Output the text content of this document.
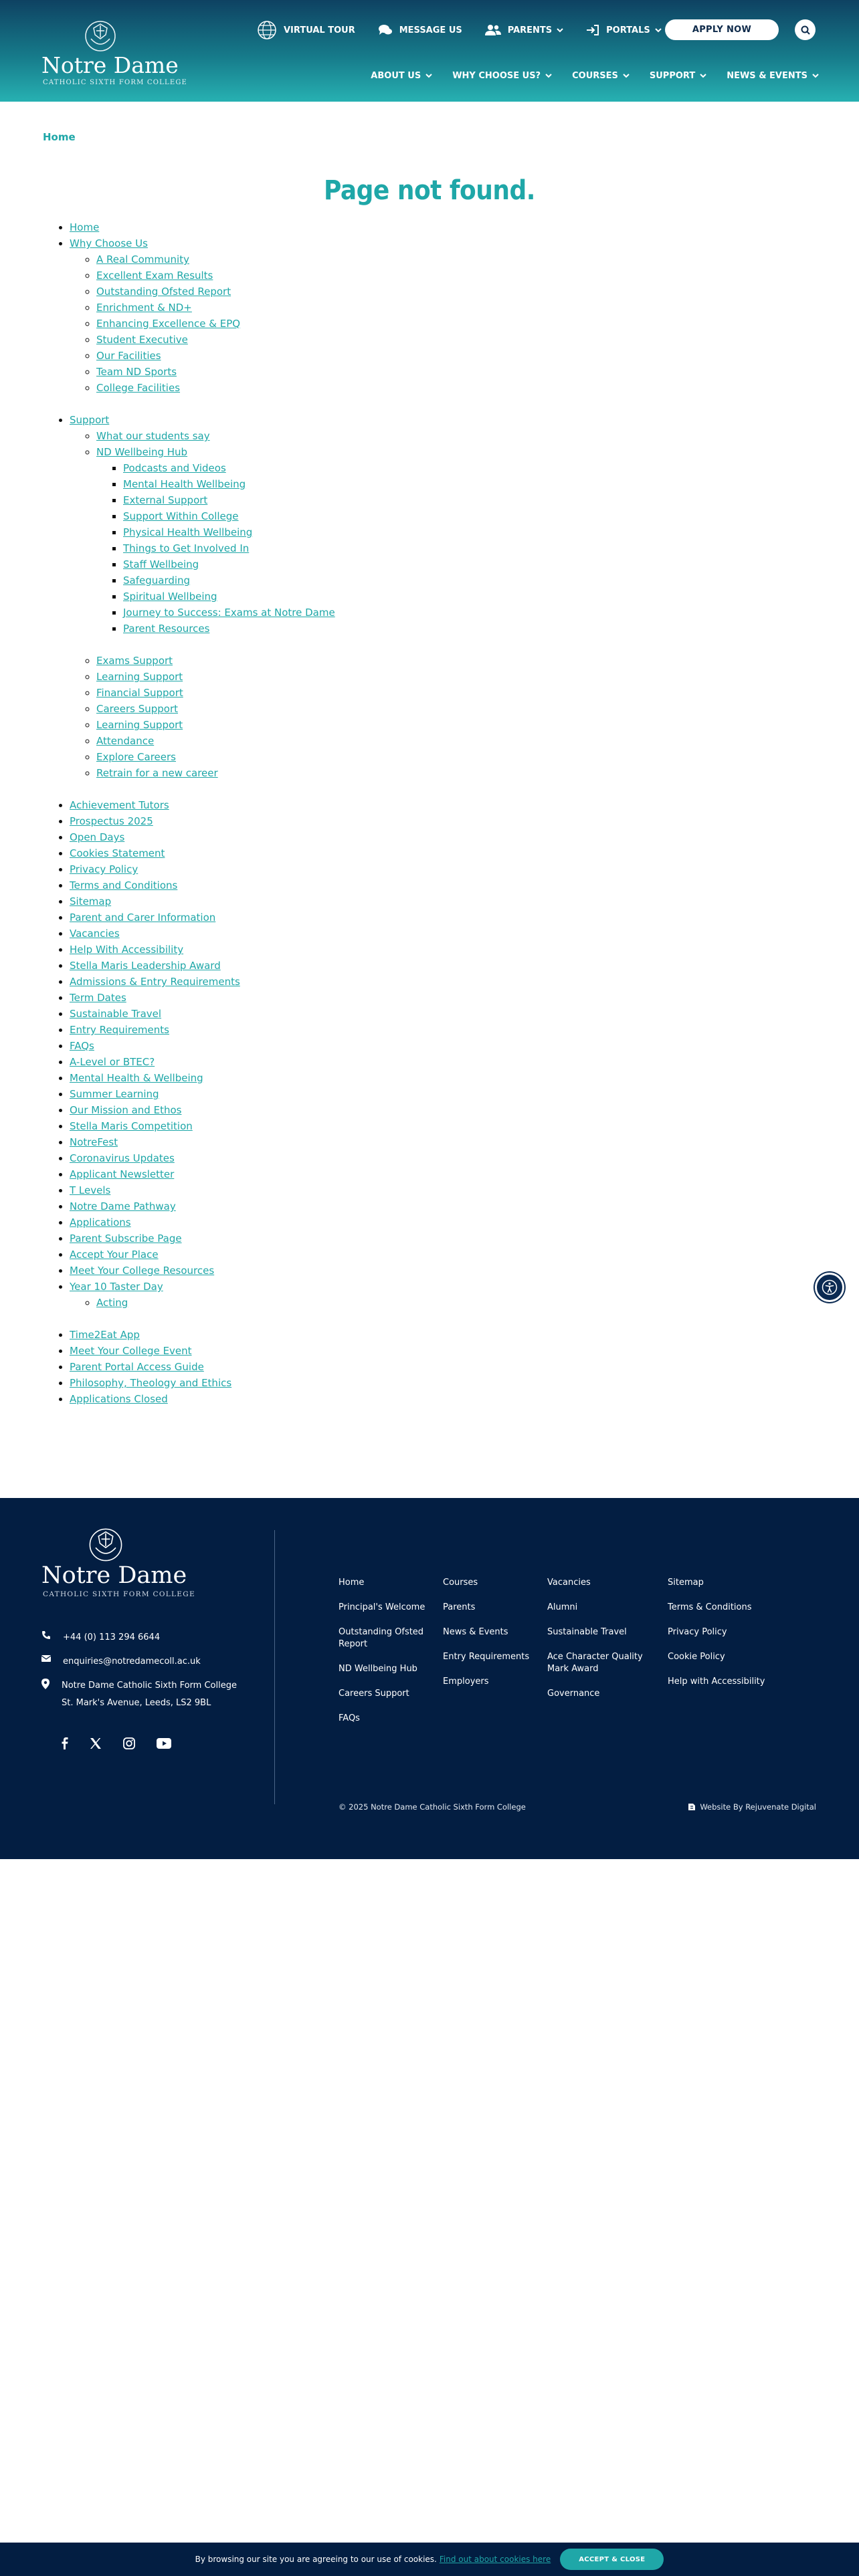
Notre Dame
CATHOLIC SIXTH FORM COLLEGE
VIRTUAL TOUR	MESSAGE US	PARENTS	PORTALS	APPLY NOW
ABOUT US	WHY CHOOSE US?	COURSES	SUPPORT	NEWS & EVENTS
Home
Page not found.
• Home
• Why Choose Us
◦ A Real Community
◦ Excellent Exam Results
◦ Outstanding Ofsted Report
◦ Enrichment & ND+
◦ Enhancing Excellence & EPQ
◦ Student Executive
◦ Our Facilities
◦ Team ND Sports
◦ College Facilities
• Support
◦ What our students say
◦ ND Wellbeing Hub
▪ Podcasts and Videos
▪ Mental Health Wellbeing
▪ External Support
▪ Support Within College
▪ Physical Health Wellbeing
▪ Things to Get Involved In
▪ Staff Wellbeing
▪ Safeguarding
▪ Spiritual Wellbeing
▪ Journey to Success: Exams at Notre Dame
▪ Parent Resources
◦ Exams Support
◦ Learning Support
◦ Financial Support
◦ Careers Support
◦ Learning Support
◦ Attendance
◦ Explore Careers
◦ Retrain for a new career
• Achievement Tutors
• Prospectus 2025
• Open Days
• Cookies Statement
• Privacy Policy
• Terms and Conditions
• Sitemap
• Parent and Carer Information
• Vacancies
• Help With Accessibility
• Stella Maris Leadership Award
• Admissions & Entry Requirements
• Term Dates
• Sustainable Travel
• Entry Requirements
• FAQs
• A-Level or BTEC?
• Mental Health & Wellbeing
• Summer Learning
• Our Mission and Ethos
• Stella Maris Competition
• NotreFest
• Coronavirus Updates
• Applicant Newsletter
• T Levels
• Notre Dame Pathway
• Applications
• Parent Subscribe Page
• Accept Your Place
• Meet Your College Resources
• Year 10 Taster Day
◦ Acting
• Time2Eat App
• Meet Your College Event
• Parent Portal Access Guide
• Philosophy, Theology and Ethics
• Applications Closed
Notre Dame
CATHOLIC SIXTH FORM COLLEGE
+44 (0) 113 294 6644
enquiries@notredamecoll.ac.uk
Notre Dame Catholic Sixth Form College
St. Mark's Avenue, Leeds, LS2 9BL
Home
Principal's Welcome
Outstanding Ofsted Report
ND Wellbeing Hub
Careers Support
FAQs
Courses
Parents
News & Events
Entry Requirements
Employers
Vacancies
Alumni
Sustainable Travel
Ace Character Quality Mark Award
Governance
Sitemap
Terms & Conditions
Privacy Policy
Cookie Policy
Help with Accessibility
© 2025 Notre Dame Catholic Sixth Form College	Website By Rejuvenate Digital
By browsing our site you are agreeing to our use of cookies. Find out about cookies here	ACCEPT & CLOSE
